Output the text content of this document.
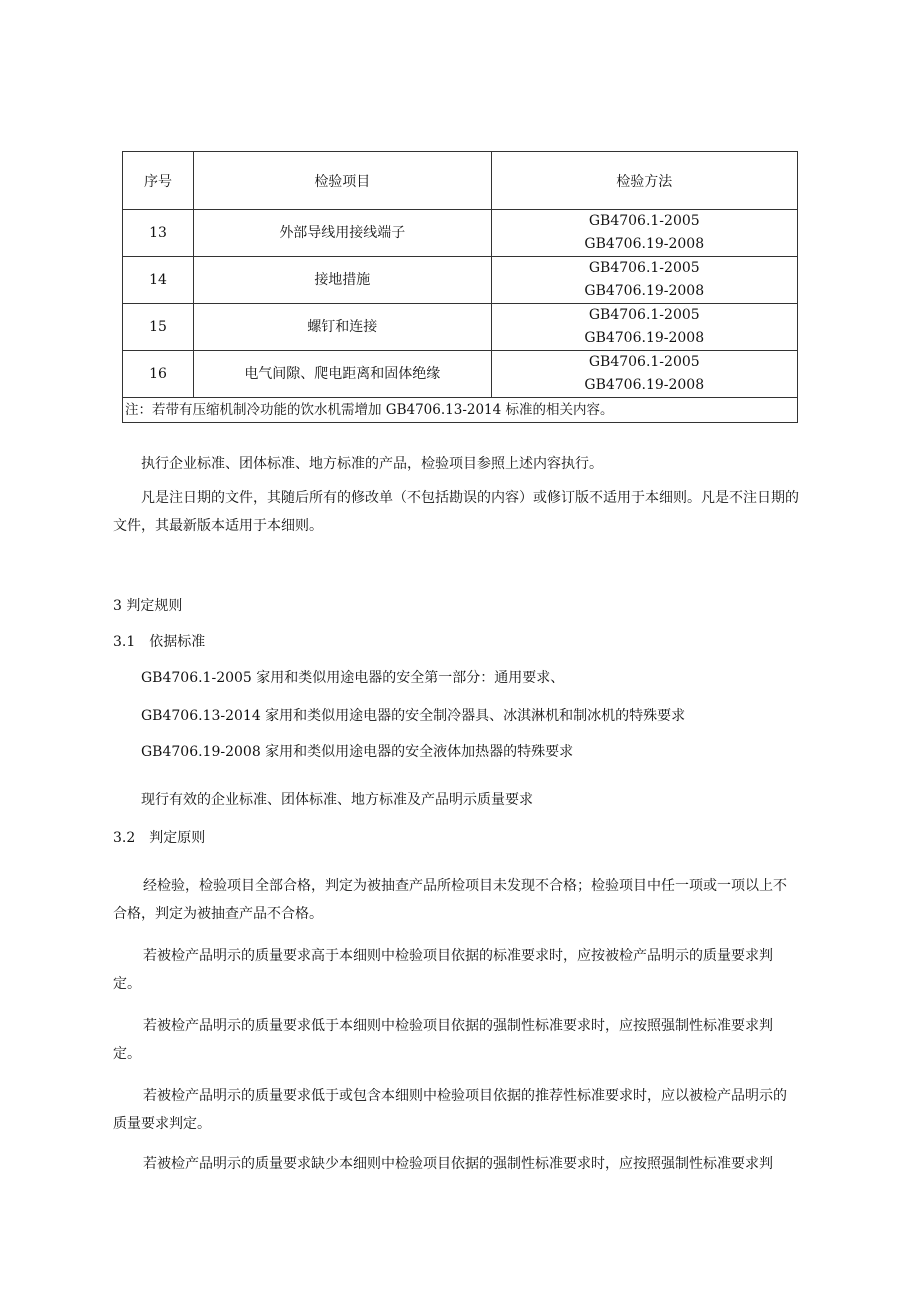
序号	检验项目	检验方法
13	外部导线用接线端子	GB4706.1-2005
GB4706.19-2008

14	接地措施	GB4706.1-2005
GB4706.19-2008

15	螺钉和连接	GB4706.1-2005
GB4706.19-2008

16	电气间隙、爬电距离和固体绝缘	GB4706.1-2005
GB4706.19-2008

注：若带有压缩机制冷功能的饮水机需增加 GB4706.13-2014 标准的相关内容。		
执行企业标准、团体标准、地方标准的产品，检验项目参照上述内容执行。
凡是注日期的文件，其随后所有的修改单（不包括勘误的内容）或修订版不适用于本细则。凡是不注日期的文件，其最新版本适用于本细则。
3 判定规则
3.1　依据标准
GB4706.1-2005 家用和类似用途电器的安全第一部分：通用要求、
GB4706.13-2014 家用和类似用途电器的安全制冷器具、冰淇淋机和制冰机的特殊要求
GB4706.19-2008 家用和类似用途电器的安全液体加热器的特殊要求
现行有效的企业标准、团体标准、地方标准及产品明示质量要求
3.2　判定原则
经检验，检验项目全部合格，判定为被抽查产品所检项目未发现不合格；检验项目中任一项或一项以上不合格，判定为被抽查产品不合格。
若被检产品明示的质量要求高于本细则中检验项目依据的标准要求时，应按被检产品明示的质量要求判定。
若被检产品明示的质量要求低于本细则中检验项目依据的强制性标准要求时，应按照强制性标准要求判定。
若被检产品明示的质量要求低于或包含本细则中检验项目依据的推荐性标准要求时，应以被检产品明示的质量要求判定。
若被检产品明示的质量要求缺少本细则中检验项目依据的强制性标准要求时，应按照强制性标准要求判
